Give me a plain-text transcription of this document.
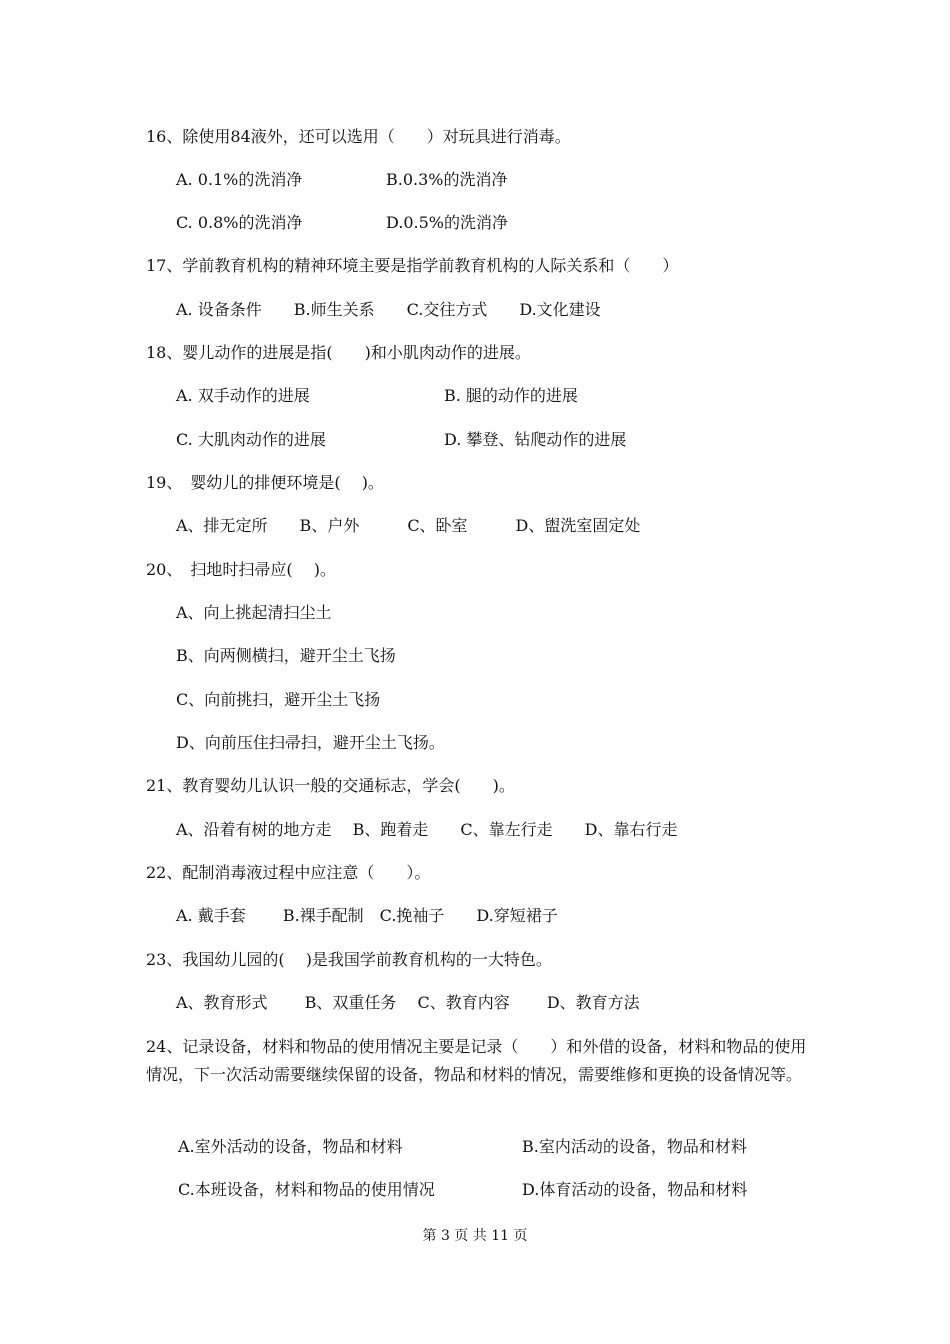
16、除使用84液外，还可以选用（　　）对玩具进行消毒。
A. 0.1%的洗消净	B.0.3%的洗消净
C. 0.8%的洗消净	D.0.5%的洗消净
17、学前教育机构的精神环境主要是指学前教育机构的人际关系和（　　）
A. 设备条件　　B.师生关系　　C.交往方式　　D.文化建设
18、婴儿动作的进展是指(　　)和小肌肉动作的进展。
A. 双手动作的进展	B. 腿的动作的进展
C. 大肌肉动作的进展	D. 攀登、钻爬动作的进展
19、　婴幼儿的排便环境是(　 )。
A、排无定所　　B、户外　　　C、卧室　　　D、盥洗室固定处
20、　扫地时扫帚应(　 )。
A、向上挑起清扫尘土
B、向两侧横扫，避开尘土飞扬
C、向前挑扫，避开尘土飞扬
D、向前压住扫帚扫，避开尘土飞扬。
21、教育婴幼儿认识一般的交通标志，学会(　　)。
A、沿着有树的地方走　 B、跑着走　　C、靠左行走　　D、靠右行走
22、配制消毒液过程中应注意（　　）。
A. 戴手套　　 B.裸手配制　C.挽袖子　　D.穿短裙子
23、我国幼儿园的(　 )是我国学前教育机构的一大特色。
A、教育形式　　 B、双重任务　 C、教育内容　　 D、教育方法
24、记录设备，材料和物品的使用情况主要是记录（　　）和外借的设备，材料和物品的使用情况，下一次活动需要继续保留的设备，物品和材料的情况，需要维修和更换的设备情况等。
A.室外活动的设备，物品和材料	B.室内活动的设备，物品和材料
C.本班设备，材料和物品的使用情况	D.体育活动的设备，物品和材料
第 3 页 共 11 页
